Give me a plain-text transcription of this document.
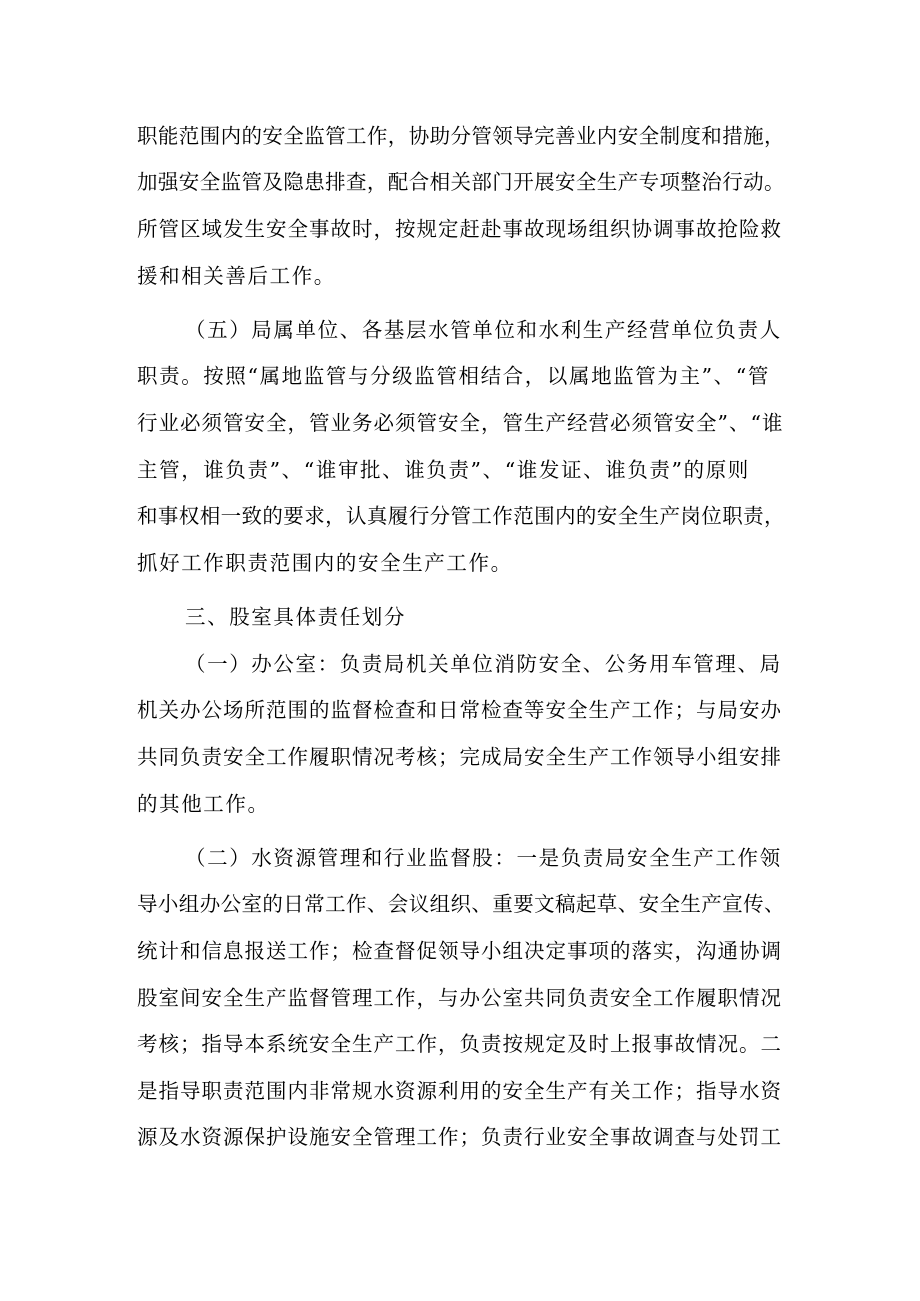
职能范围内的安全监管工作，协助分管领导完善业内安全制度和措施，
加强安全监管及隐患排查，配合相关部门开展安全生产专项整治行动。
所管区域发生安全事故时，按规定赶赴事故现场组织协调事故抢险救
援和相关善后工作。
（五）局属单位、各基层水管单位和水利生产经营单位负责人
职责。按照“属地监管与分级监管相结合，以属地监管为主”、“管
行业必须管安全，管业务必须管安全，管生产经营必须管安全”、“谁
主管，谁负责”、“谁审批、谁负责”、“谁发证、谁负责”的原则
和事权相一致的要求，认真履行分管工作范围内的安全生产岗位职责，
抓好工作职责范围内的安全生产工作。
三、股室具体责任划分
（一）办公室：负责局机关单位消防安全、公务用车管理、局
机关办公场所范围的监督检查和日常检查等安全生产工作；与局安办
共同负责安全工作履职情况考核；完成局安全生产工作领导小组安排
的其他工作。
（二）水资源管理和行业监督股：一是负责局安全生产工作领
导小组办公室的日常工作、会议组织、重要文稿起草、安全生产宣传、
统计和信息报送工作；检查督促领导小组决定事项的落实，沟通协调
股室间安全生产监督管理工作，与办公室共同负责安全工作履职情况
考核；指导本系统安全生产工作，负责按规定及时上报事故情况。二
是指导职责范围内非常规水资源利用的安全生产有关工作；指导水资
源及水资源保护设施安全管理工作；负责行业安全事故调查与处罚工
